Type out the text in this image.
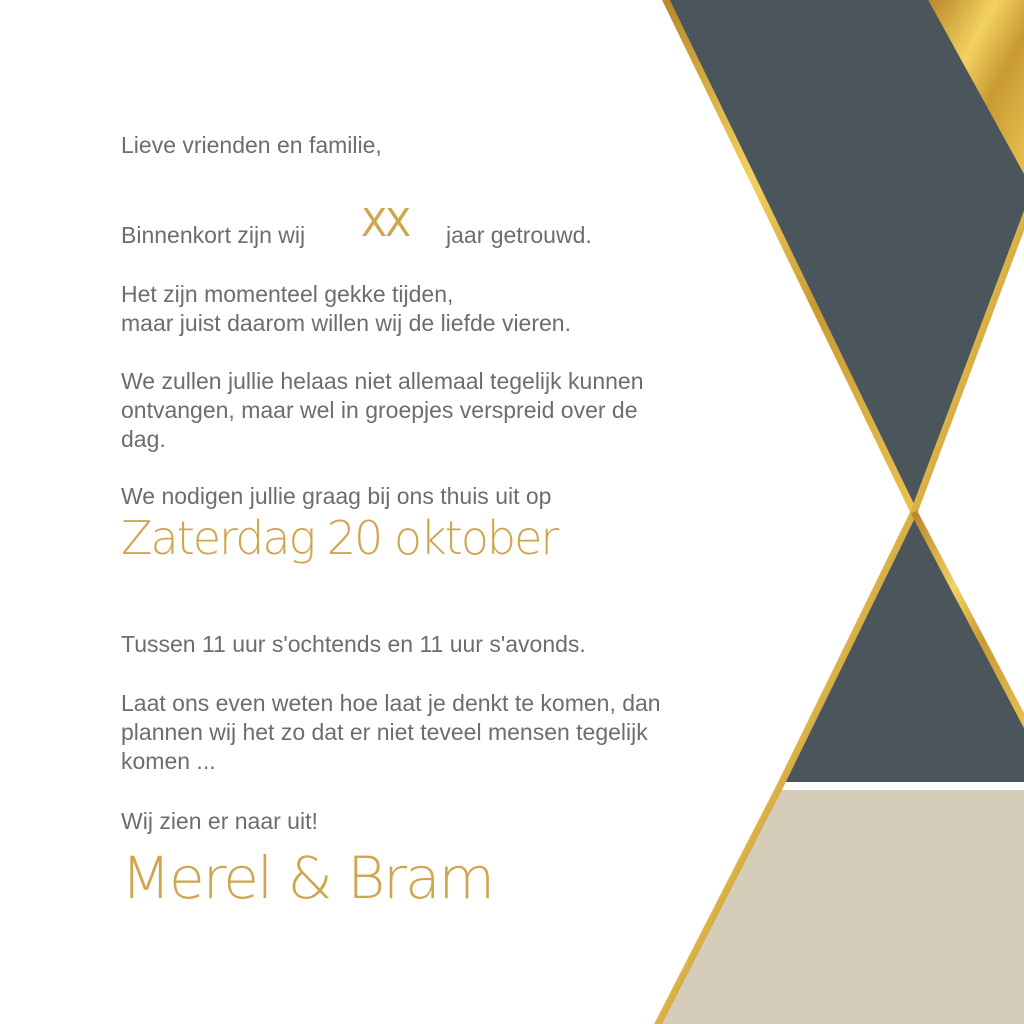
Lieve vrienden en familie,
Binnenkort zijn wij XX jaar getrouwd.
Het zijn momenteel gekke tijden,
maar juist daarom willen wij de liefde vieren.
We zullen jullie helaas niet allemaal tegelijk kunnen
ontvangen, maar wel in groepjes verspreid over de
dag.
We nodigen jullie graag bij ons thuis uit op
Zaterdag 20 oktober
Tussen 11 uur s'ochtends en 11 uur s'avonds.
Laat ons even weten hoe laat je denkt te komen, dan
plannen wij het zo dat er niet teveel mensen tegelijk
komen ...
Wij zien er naar uit!
Merel & Bram
